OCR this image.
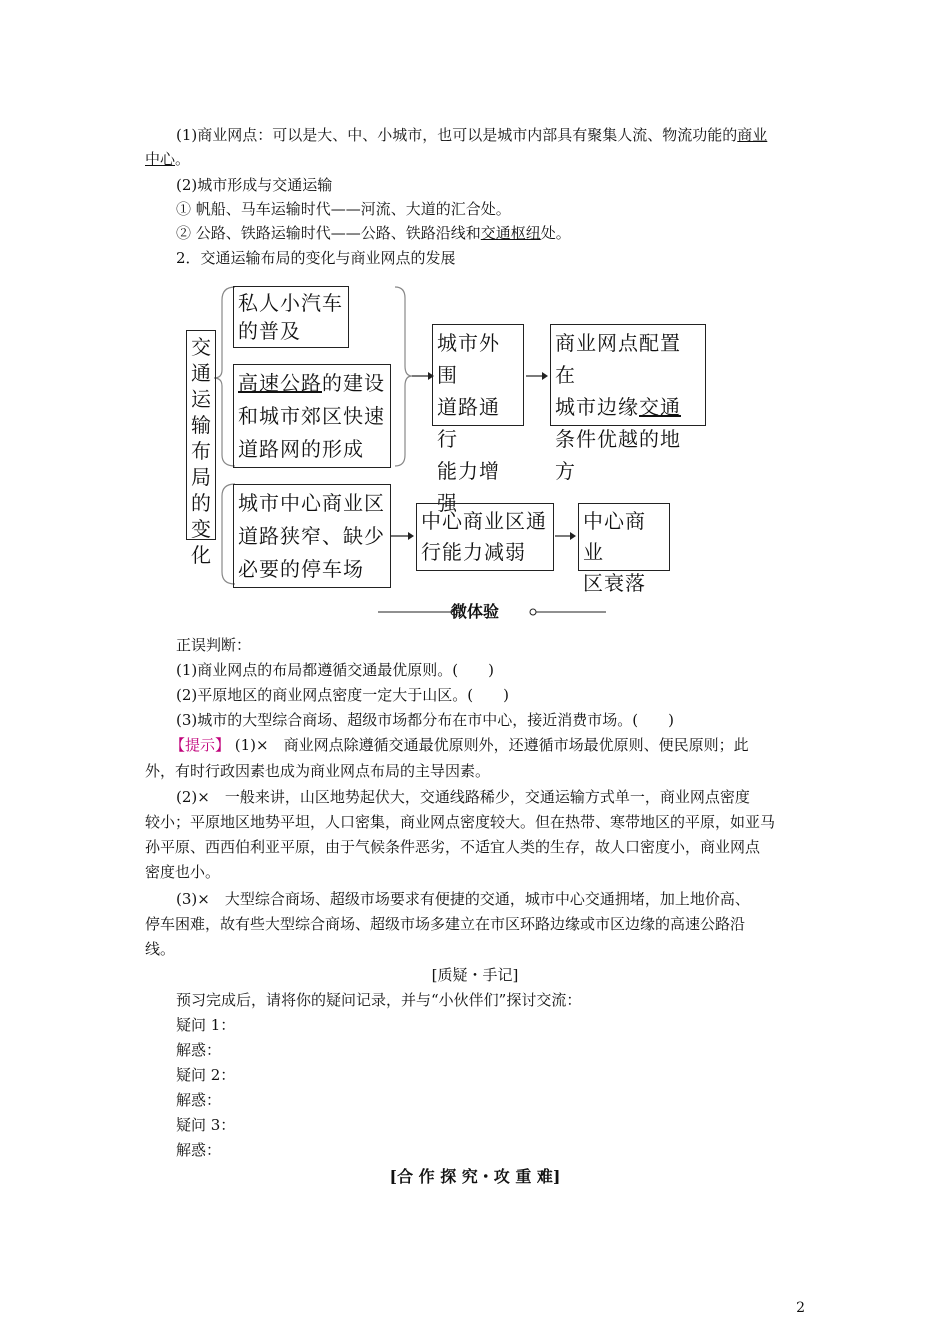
(1)商业网点：可以是大、中、小城市，也可以是城市内部具有聚集人流、物流功能的商业
中心。
(2)城市形成与交通运输
① 帆船、马车运输时代——河流、大道的汇合处。
② 公路、铁路运输时代——公路、铁路沿线和交通枢纽处。
2．交通运输布局的变化与商业网点的发展
交
通
运
输
布
局
的
变
化
私人小汽车
的普及
高速公路的建设
和城市郊区快速
道路网的形成
城市外围
道路通行
能力增强
商业网点配置在
城市边缘交通
条件优越的地方
城市中心商业区
道路狭窄、缺少
必要的停车场
中心商业区通
行能力减弱
中心商业
区衰落
微体验
正误判断：
(1)商业网点的布局都遵循交通最优原则。(　　)
(2)平原地区的商业网点密度一定大于山区。(　　)
(3)城市的大型综合商场、超级市场都分布在市中心，接近消费市场。(　　)
【提示】 (1)×　商业网点除遵循交通最优原则外，还遵循市场最优原则、便民原则；此
外，有时行政因素也成为商业网点布局的主导因素。
(2)×　一般来讲，山区地势起伏大，交通线路稀少，交通运输方式单一，商业网点密度
较小；平原地区地势平坦，人口密集，商业网点密度较大。但在热带、寒带地区的平原，如亚马
孙平原、西西伯利亚平原，由于气候条件恶劣，不适宜人类的生存，故人口密度小，商业网点
密度也小。
(3)×　大型综合商场、超级市场要求有便捷的交通，城市中心交通拥堵，加上地价高、
停车困难，故有些大型综合商场、超级市场多建立在市区环路边缘或市区边缘的高速公路沿
线。
[质疑・手记]
预习完成后，请将你的疑问记录，并与“小伙伴们”探讨交流：
疑问 1：
解惑：
疑问 2：
解惑：
疑问 3：
解惑：
[合 作 探 究・攻 重 难]
2
